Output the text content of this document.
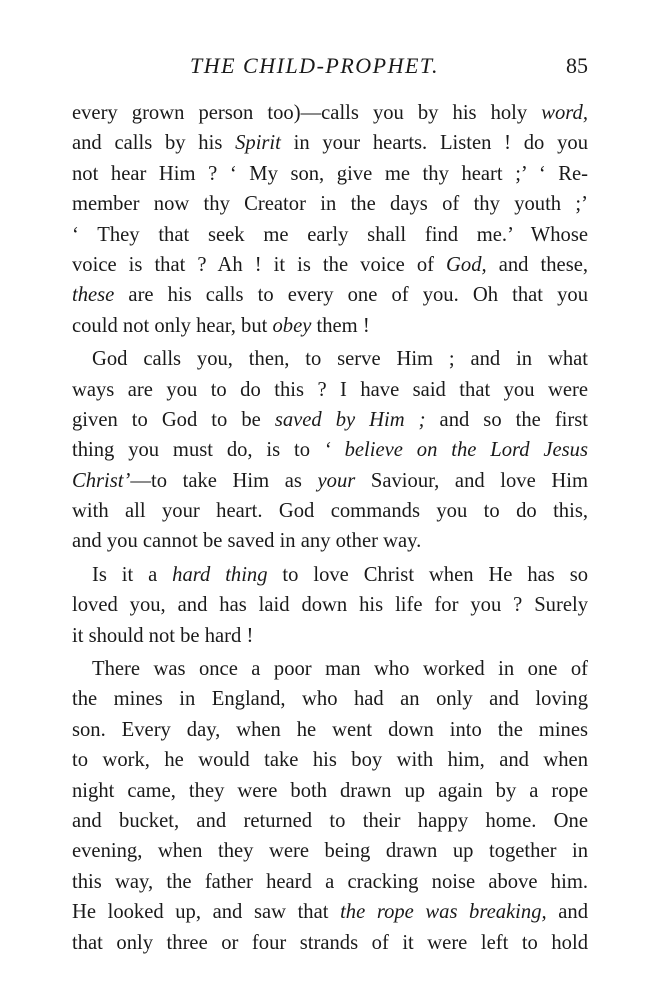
THE CHILD-PROPHET.	85
every grown person too)—calls you by his holy word,
and calls by his Spirit in your hearts. Listen ! do you
not hear Him ? ‘ My son, give me thy heart ;’ ‘ Re-
member now thy Creator in the days of thy youth ;’
‘ They that seek me early shall find me.’ Whose
voice is that ? Ah ! it is the voice of God, and these,
these are his calls to every one of you. Oh that you
could not only hear, but obey them !
God calls you, then, to serve Him ; and in what
ways are you to do this ? I have said that you were
given to God to be saved by Him ; and so the first
thing you must do, is to ‘ believe on the Lord Jesus
Christ’—to take Him as your Saviour, and love Him
with all your heart. God commands you to do this,
and you cannot be saved in any other way.
Is it a hard thing to love Christ when He has so
loved you, and has laid down his life for you ? Surely
it should not be hard !
There was once a poor man who worked in one of
the mines in England, who had an only and loving
son. Every day, when he went down into the mines
to work, he would take his boy with him, and when
night came, they were both drawn up again by a rope
and bucket, and returned to their happy home. One
evening, when they were being drawn up together in
this way, the father heard a cracking noise above him.
He looked up, and saw that the rope was breaking, and
that only three or four strands of it were left to hold
